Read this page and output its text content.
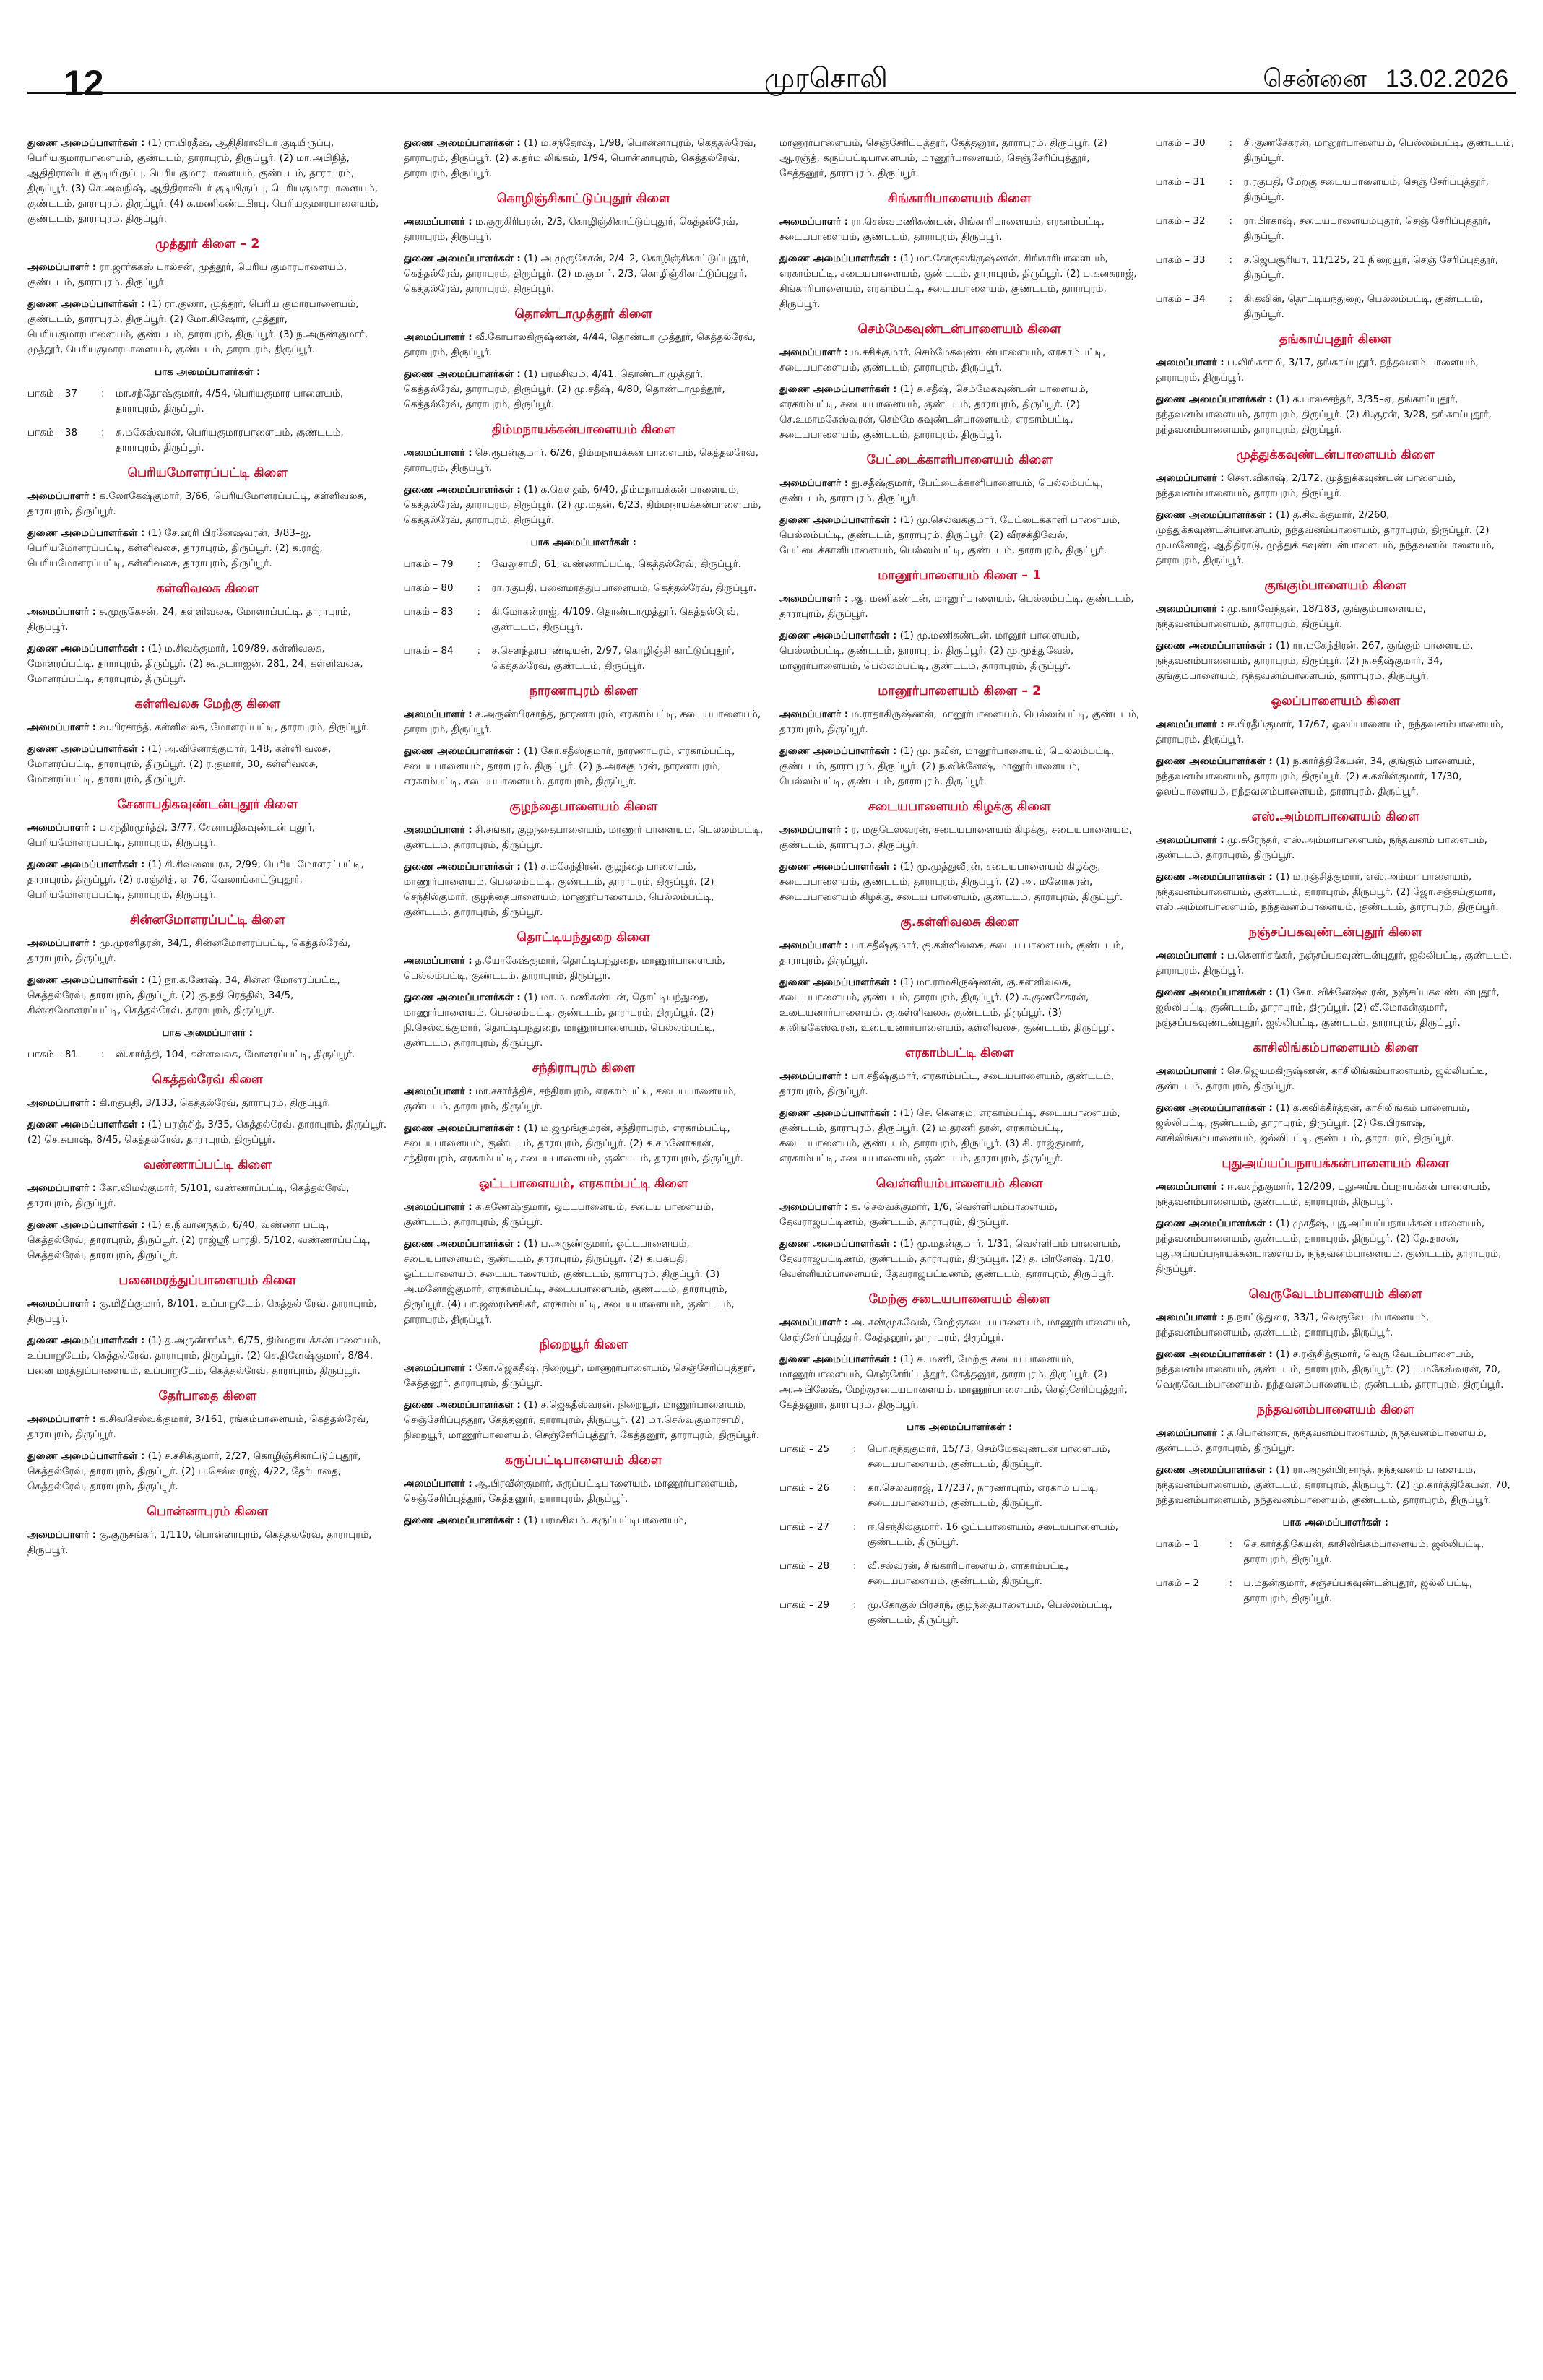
12	முரசொலி	சென்னை 13.02.2026

துணை அமைப்பாளர்கள் : (1) ரா.பிரதீஷ், ஆதிதிராவிடர் குடியிருப்பு, பெரியகுமாரபாளையம், குண்டடம், தாராபுரம், திருப்பூர். (2) மா.அபிநித், ஆதிதிராவிடர் குடியிருப்பு, பெரியகுமாரபாளையம், குண்டடம், தாராபுரம், திருப்பூர். (3) செ.அவநிஷ், ஆதிதிராவிடர் குடியிருப்பு, பெரியகுமாரபாளையம், குண்டடம், தாராபுரம், திருப்பூர். (4) க.மணிகண்டபிரபு, பெரியகுமாரபாளையம், குண்டடம், தாராபுரம், திருப்பூர்.

முத்தூர் கிளை – 2

அமைப்பாளர் : ரா.ஜார்க்கஸ் பால்சன், முத்தூர், பெரிய குமாரபாளையம், குண்டடம், தாராபுரம், திருப்பூர்.

துணை அமைப்பாளர்கள் : (1) ரா.குணா, முத்தூர், பெரிய குமாரபாளையம், குண்டடம், தாராபுரம், திருப்பூர். (2) மோ.கிஷோர், முத்தூர், பெரியகுமாரபாளையம், குண்டடம், தாராபுரம், திருப்பூர். (3) ந.அருண்குமார், முத்தூர், பெரியகுமாரபாளையம், குண்டடம், தாராபுரம், திருப்பூர்.

பாக அமைப்பாளர்கள் :
பாகம் – 37	:	மா.சந்தோஷ்குமார், 4/54, பெரியகுமார பாளையம், தாராபுரம், திருப்பூர்.
பாகம் – 38	:	சு.மகேஸ்வரன், பெரியகுமாரபாளையம், குண்டடம், தாராபுரம், திருப்பூர்.
பெரியமோளரப்பட்டி கிளை

அமைப்பாளர் : க.லோகேஷ்குமார், 3/66, பெரியமோளரப்பட்டி, கள்ளிவலசு, தாராபுரம், திருப்பூர்.

துணை அமைப்பாளர்கள் : (1) சே.ஹரி பிரனேஷ்வரன், 3/83–ஐ, பெரியமோளரப்பட்டி, கள்ளிவலசு, தாராபுரம், திருப்பூர். (2) க.ராஜ், பெரியமோளரப்பட்டி, கள்ளிவலசு, தாராபுரம், திருப்பூர்.

கள்ளிவலசு கிளை

அமைப்பாளர் : ச.முருகேசன், 24, கள்ளிவலசு, மோளரப்பட்டி, தாராபுரம், திருப்பூர்.

துணை அமைப்பாளர்கள் : (1) ம.சிவக்குமார், 109/89, கள்ளிவலசு, மோளரப்பட்டி, தாராபுரம், திருப்பூர். (2) கூ.நடராஜன், 281, 24, கள்ளிவலசு, மோளரப்பட்டி, தாராபுரம், திருப்பூர்.

கள்ளிவலசு மேற்கு கிளை

அமைப்பாளர் : வ.பிரசாந்த், கள்ளிவலசு, மோளரப்பட்டி, தாராபுரம், திருப்பூர்.

துணை அமைப்பாளர்கள் : (1) அ.வினோத்குமார், 148, கள்ளி வலசு, மோளரப்பட்டி, தாராபுரம், திருப்பூர். (2) ர.குமார், 30, கள்ளிவலசு, மோளரப்பட்டி, தாராபுரம், திருப்பூர்.

சேனாபதிகவுண்டன்புதூர் கிளை

அமைப்பாளர் : ப.சந்திரமூர்த்தி, 3/77, சேனாபதிகவுண்டன் புதூர், பெரியமோளரப்பட்டி, தாராபுரம், திருப்பூர்.

துணை அமைப்பாளர்கள் : (1) சி.சிவலையரசு, 2/99, பெரிய மோளரப்பட்டி, தாராபுரம், திருப்பூர். (2) ர.ரஞ்சித், ஏ–76, வேலாங்காட்டுபுதூர், பெரியமோளரப்பட்டி, தாராபுரம், திருப்பூர்.

சின்னமோளரப்பட்டி கிளை

அமைப்பாளர் : மு.முரளிதரன், 34/1, சின்னமோளரப்பட்டி, கெத்தல்ரேவ், தாராபுரம், திருப்பூர்.

துணை அமைப்பாளர்கள் : (1) நா.க.ணேஷ், 34, சின்ன மோளரப்பட்டி, கெத்தல்ரேவ், தாராபுரம், திருப்பூர். (2) கு.நதி ரெத்தில், 34/5, சின்னமோளரப்பட்டி, கெத்தல்ரேவ், தாராபுரம், திருப்பூர்.

பாக அமைப்பாளர் :
பாகம் – 81	:	லி.கார்த்தி, 104, கள்ளவலசு, மோளரப்பட்டி, திருப்பூர்.
கெத்தல்ரேவ் கிளை

அமைப்பாளர் : கி.ரகுபதி, 3/133, கெத்தல்ரேவ், தாராபுரம், திருப்பூர்.

துணை அமைப்பாளர்கள் : (1) பரஞ்சித், 3/35, கெத்தல்ரேவ், தாராபுரம், திருப்பூர். (2) செ.சுபாஷ், 8/45, கெத்தல்ரேவ், தாராபுரம், திருப்பூர்.

வண்ணாப்பட்டி கிளை

அமைப்பாளர் : கோ.விமல்குமார், 5/101, வண்ணாப்பட்டி, கெத்தல்ரேவ், தாராபுரம், திருப்பூர்.

துணை அமைப்பாளர்கள் : (1) க.நிவானந்தம், 6/40, வண்ணா பட்டி, கெத்தல்ரேவ், தாராபுரம், திருப்பூர். (2) ராஜ்ஸ்ரீ பாரதி, 5/102, வண்ணாப்பட்டி, கெத்தல்ரேவ், தாராபுரம், திருப்பூர்.

பனைமரத்துப்பாளையம் கிளை

அமைப்பாளர் : கு.மிதீப்குமார், 8/101, உப்பாறுடேம், கெத்தல் ரேவ், தாராபுரம், திருப்பூர்.

துணை அமைப்பாளர்கள் : (1) த.அருண்சங்கர், 6/75, திம்மநாயக்கன்பாளையம், உப்பாறுடேம், கெத்தல்ரேவ், தாராபுரம், திருப்பூர். (2) செ.தினேஷ்குமார், 8/84, பனை மரத்துப்பாளையம், உப்பாறுடேம், கெத்தல்ரேவ், தாராபுரம், திருப்பூர்.

தேர்பாதை கிளை

அமைப்பாளர் : க.சிவசெல்வக்குமார், 3/161, ரங்கம்பாளையம், கெத்தல்ரேவ், தாராபுரம், திருப்பூர்.

துணை அமைப்பாளர்கள் : (1) ச.சசிக்குமார், 2/27, கொழிஞ்சிகாட்டுப்புதூர், கெத்தல்ரேவ், தாராபுரம், திருப்பூர். (2) ப.செல்வராஜ், 4/22, தேர்பாதை, கெத்தல்ரேவ், தாராபுரம், திருப்பூர்.

பொன்னாபுரம் கிளை

அமைப்பாளர் : கு.குருசங்கர், 1/110, பொன்னாபுரம், கெத்தல்ரேவ், தாராபுரம், திருப்பூர்.

துணை அமைப்பாளர்கள் : (1) ம.சந்தோஷ், 1/98, பொன்னாபுரம், கெத்தல்ரேவ், தாராபுரம், திருப்பூர். (2) க.தர்ம லிங்கம், 1/94, பொன்னாபுரம், கெத்தல்ரேவ், தாராபுரம், திருப்பூர்.

கொழிஞ்சிகாட்டுப்புதூர் கிளை

அமைப்பாளர் : ம.குருகிரிபரன், 2/3, கொழிஞ்சிகாட்டுப்புதூர், கெத்தல்ரேவ், தாராபுரம், திருப்பூர்.

துணை அமைப்பாளர்கள் : (1) அ.முருகேசன், 2/4–2, கொழிஞ்சிகாட்டுப்புதூர், கெத்தல்ரேவ், தாராபுரம், திருப்பூர். (2) ம.குமார், 2/3, கொழிஞ்சிகாட்டுப்புதூர், கெத்தல்ரேவ், தாராபுரம், திருப்பூர்.

தொண்டாமுத்தூர் கிளை

அமைப்பாளர் : வீ.கோபாலகிருஷ்ணன், 4/44, தொண்டா முத்தூர், கெத்தல்ரேவ், தாராபுரம், திருப்பூர்.

துணை அமைப்பாளர்கள் : (1) பரமசிவம், 4/41, தொண்டா முத்தூர், கெத்தல்ரேவ், தாராபுரம், திருப்பூர். (2) மு.சதீஷ், 4/80, தொண்டாமுத்தூர், கெத்தல்ரேவ், தாராபுரம், திருப்பூர்.

திம்மநாயக்கன்பாளையம் கிளை

அமைப்பாளர் : செ.ரூபன்குமார், 6/26, திம்மநாயக்கன் பாளையம், கெத்தல்ரேவ், தாராபுரம், திருப்பூர்.

துணை அமைப்பாளர்கள் : (1) க.கௌதம், 6/40, திம்மநாயக்கன் பாளையம், கெத்தல்ரேவ், தாராபுரம், திருப்பூர். (2) மு.மதன், 6/23, திம்மநாயக்கன்பாளையம், கெத்தல்ரேவ், தாராபுரம், திருப்பூர்.

பாக அமைப்பாளர்கள் :
பாகம் – 79	:	வேலுசாமி, 61, வண்ணாப்பட்டி, கெத்தல்ரேவ், திருப்பூர்.
பாகம் – 80	:	ரா.ரகுபதி, பனைமரத்துப்பாளையம், கெத்தல்ரேவ், திருப்பூர்.
பாகம் – 83	:	கி.மோகன்ராஜ், 4/109, தொண்டாமுத்தூர், கெத்தல்ரேவ், குண்டடம், திருப்பூர்.
பாகம் – 84	:	ச.சௌந்தரபாண்டியன், 2/97, கொழிஞ்சி காட்டுப்புதூர், கெத்தல்ரேவ், குண்டடம், திருப்பூர்.
நாரணாபுரம் கிளை

அமைப்பாளர் : ச.அருண்பிரசாந்த், நாரணாபுரம், எரகாம்பட்டி, சடையபாளையம், தாராபுரம், திருப்பூர்.

துணை அமைப்பாளர்கள் : (1) கோ.சதீஸ்குமார், நாரணாபுரம், எரகாம்பட்டி, சடையபாளையம், தாராபுரம், திருப்பூர். (2) ந.அரசகுமரன், நாரணாபுரம், எரகாம்பட்டி, சடையபாளையம், தாராபுரம், திருப்பூர்.

குழந்தைபாளையம் கிளை

அமைப்பாளர் : சி.சங்கர், குழந்தைபாளையம், மாணூர் பாளையம், பெல்லம்பட்டி, குண்டடம், தாராபுரம், திருப்பூர்.

துணை அமைப்பாளர்கள் : (1) ச.மகேந்திரன், குழந்தை பாளையம், மாணூர்பாளையம், பெல்லம்பட்டி, குண்டடம், தாராபுரம், திருப்பூர். (2) செந்தில்குமார், குழந்தைபாளையம், மாணூர்பாளையம், பெல்லம்பட்டி, குண்டடம், தாராபுரம், திருப்பூர்.

தொட்டியந்துறை கிளை

அமைப்பாளர் : த.யோகேஷ்குமார், தொட்டியந்துறை, மாணூர்பாளையம், பெல்லம்பட்டி, குண்டடம், தாராபுரம், திருப்பூர்.

துணை அமைப்பாளர்கள் : (1) மா.ம.மணிகண்டன், தொட்டியந்துறை, மாணூர்பாளையம், பெல்லம்பட்டி, குண்டடம், தாராபுரம், திருப்பூர். (2) நி.செல்வக்குமார், தொட்டியந்துறை, மாணூர்பாளையம், பெல்லம்பட்டி, குண்டடம், தாராபுரம், திருப்பூர்.

சந்திராபுரம் கிளை

அமைப்பாளர் : மா.சசார்த்திக், சந்திராபுரம், எரகாம்பட்டி, சடையபாளையம், குண்டடம், தாராபுரம், திருப்பூர்.

துணை அமைப்பாளர்கள் : (1) ம.ஜமுங்குமரன், சந்திராபுரம், எரகாம்பட்டி, சடையபாளையம், குண்டடம், தாராபுரம், திருப்பூர். (2) க.சமனோகரன், சந்திராபுரம், எரகாம்பட்டி, சடையபாளையம், குண்டடம், தாராபுரம், திருப்பூர்.

ஓட்டபாளையம், எரகாம்பட்டி கிளை

அமைப்பாளர் : க.கணேஷ்குமார், ஒட்டபாளையம், சடைய பாளையம், குண்டடம், தாராபுரம், திருப்பூர்.

துணை அமைப்பாளர்கள் : (1) ப.அருண்குமார், ஓட்டபாளையம், சடையபாளையம், குண்டடம், தாராபுரம், திருப்பூர். (2) க.பசுபதி, ஓட்டபாளையம், சடையபாளையம், குண்டடம், தாராபுரம், திருப்பூர். (3) அ.மனோஜ்குமார், எரகாம்பட்டி, சடையபாளையம், குண்டடம், தாராபுரம், திருப்பூர். (4) பா.ஜஸ்ரம்சங்கர், எரகாம்பட்டி, சடையபாளையம், குண்டடம், தாராபுரம், திருப்பூர்.

நிறையூர் கிளை

அமைப்பாளர் : கோ.ஜெகதீஷ், நிறையூர், மாணூர்பாளையம், செஞ்சேரிப்புத்தூர், கேத்தனூர், தாராபுரம், திருப்பூர்.

துணை அமைப்பாளர்கள் : (1) ச.ஜெகதீஸ்வரன், நிறையூர், மாணூர்பாளையம், செஞ்சேரிப்புத்தூர், கேத்தனூர், தாராபுரம், திருப்பூர். (2) மா.செல்வகுமாரசாமி, நிறையூர், மாணூர்பாளையம், செஞ்சேரிப்புத்தூர், கேத்தனூர், தாராபுரம், திருப்பூர்.

கருப்பட்டிபாளையம் கிளை

அமைப்பாளர் : ஆ.பிரவீன்குமார், கருப்பட்டிபாளையம், மாணூர்பாளையம், செஞ்சேரிப்புத்தூர், கேத்தனூர், தாராபுரம், திருப்பூர்.

துணை அமைப்பாளர்கள் : (1) பரமசிவம், கருப்பட்டிபாளையம்,

மாணூர்பாளையம், செஞ்சேரிப்புத்தூர், கேத்தனூர், தாராபுரம், திருப்பூர். (2) ஆ.ரஞ்த், கருப்பட்டிபாளையம், மாணூர்பாளையம், செஞ்சேரிப்புத்தூர், கேத்தனூர், தாராபுரம், திருப்பூர்.

சிங்காரிபாளையம் கிளை

அமைப்பாளர் : ரா.செல்வமணிகண்டன், சிங்காரிபாளையம், எரகாம்பட்டி, சடையபாளையம், குண்டடம், தாராபுரம், திருப்பூர்.

துணை அமைப்பாளர்கள் : (1) மா.கோகுலகிருஷ்ணன், சிங்காரிபாளையம், எரகாம்பட்டி, சடையபாளையம், குண்டடம், தாராபுரம், திருப்பூர். (2) ப.கனகராஜ், சிங்காரிபாளையம், எரகாம்பட்டி, சடையபாளையம், குண்டடம், தாராபுரம், திருப்பூர்.

செம்மேகவுண்டன்பாளையம் கிளை

அமைப்பாளர் : ம.சசிக்குமார், செம்மேகவுண்டன்பாளையம், எரகாம்பட்டி, சடையபாளையம், குண்டடம், தாராபுரம், திருப்பூர்.

துணை அமைப்பாளர்கள் : (1) சு.சதீஷ், செம்மேகவுண்டன் பாளையம், எரகாம்பட்டி, சடையபாளையம், குண்டடம், தாராபுரம், திருப்பூர். (2) செ.உமாமகேஸ்வரன், செம்மே கவுண்டன்பாளையம், எரகாம்பட்டி, சடையபாளையம், குண்டடம், தாராபுரம், திருப்பூர்.

பேட்டைக்காளிபாளையம் கிளை

அமைப்பாளர் : து.சதீஷ்குமார், பேட்டைக்காளிபாளையம், பெல்லம்பட்டி, குண்டடம், தாராபுரம், திருப்பூர்.

துணை அமைப்பாளர்கள் : (1) மு.செல்வக்குமார், பேட்டைக்காளி பாளையம், பெல்லம்பட்டி, குண்டடம், தாராபுரம், திருப்பூர். (2) வீரசக்திவேல், பேட்டைக்காளிபாளையம், பெல்லம்பட்டி, குண்டடம், தாராபுரம், திருப்பூர்.

மானூர்பாளையம் கிளை – 1

அமைப்பாளர் : ஆ. மணிகண்டன், மானூர்பாளையம், பெல்லம்பட்டி, குண்டடம், தாராபுரம், திருப்பூர்.

துணை அமைப்பாளர்கள் : (1) மு.மணிகண்டன், மானூர் பாளையம், பெல்லம்பட்டி, குண்டடம், தாராபுரம், திருப்பூர். (2) மு.முத்துவேல், மானூர்பாளையம், பெல்லம்பட்டி, குண்டடம், தாராபுரம், திருப்பூர்.

மானூர்பாளையம் கிளை – 2

அமைப்பாளர் : ம.ராதாகிருஷ்ணன், மானூர்பாளையம், பெல்லம்பட்டி, குண்டடம், தாராபுரம், திருப்பூர்.

துணை அமைப்பாளர்கள் : (1) மு. நவீன், மானூர்பாளையம், பெல்லம்பட்டி, குண்டடம், தாராபுரம், திருப்பூர். (2) ந.விக்னேஷ், மானூர்பாளையம், பெல்லம்பட்டி, குண்டடம், தாராபுரம், திருப்பூர்.

சடையபாளையம் கிழக்கு கிளை

அமைப்பாளர் : ர. மகுடேஸ்வரன், சடையபாளையம் கிழக்கு, சடையபாளையம், குண்டடம், தாராபுரம், திருப்பூர்.

துணை அமைப்பாளர்கள் : (1) மு.முத்துவீரன், சடையபாளையம் கிழக்கு, சடையபாளையம், குண்டடம், தாராபுரம், திருப்பூர். (2) அ. மனோகரன், சடையபாளையம் கிழக்கு, சடைய பாளையம், குண்டடம், தாராபுரம், திருப்பூர்.

கு.கள்ளிவலசு கிளை

அமைப்பாளர் : பா.சதீஷ்குமார், கு.கள்ளிவலசு, சடைய பாளையம், குண்டடம், தாராபுரம், திருப்பூர்.

துணை அமைப்பாளர்கள் : (1) மா.ராமகிருஷ்ணன், கு.கள்ளிவலசு, சடையபாளையம், குண்டடம், தாராபுரம், திருப்பூர். (2) க.குணசேகரன், உடையனார்பாளையம், கு.கள்ளிவலசு, குண்டடம், திருப்பூர். (3) க.லிங்கேஸ்வரன், உடையனார்பாளையம், கள்ளிவலசு, குண்டடம், திருப்பூர்.

எரகாம்பட்டி கிளை

அமைப்பாளர் : பா.சதீஷ்குமார், எரகாம்பட்டி, சடையபாளையம், குண்டடம், தாராபுரம், திருப்பூர்.

துணை அமைப்பாளர்கள் : (1) செ. கௌதம், எரகாம்பட்டி, சடையபாளையம், குண்டடம், தாராபுரம், திருப்பூர். (2) ம.தரணி தரன், எரகாம்பட்டி, சடையபாளையம், குண்டடம், தாராபுரம், திருப்பூர். (3) சி. ராஜ்குமார், எரகாம்பட்டி, சடையபாளையம், குண்டடம், தாராபுரம், திருப்பூர்.

வெள்ளியம்பாளையம் கிளை

அமைப்பாளர் : க. செல்வக்குமார், 1/6, வெள்ளியம்பாளையம், தேவராஜபட்டிணம், குண்டடம், தாராபுரம், திருப்பூர்.

துணை அமைப்பாளர்கள் : (1) மு.மதன்குமார், 1/31, வெள்ளியம் பாளையம், தேவராஜபட்டிணம், குண்டடம், தாராபுரம், திருப்பூர். (2) த. பிரனேஷ், 1/10, வெள்ளியம்பாளையம், தேவராஜபட்டிணம், குண்டடம், தாராபுரம், திருப்பூர்.

மேற்கு சடையபாளையம் கிளை

அமைப்பாளர் : அ. சண்முகவேல், மேற்குசடையபாளையம், மாணூர்பாளையம், செஞ்சேரிப்புத்தூர், கேத்தனூர், தாராபுரம், திருப்பூர்.

துணை அமைப்பாளர்கள் : (1) சு. மணி, மேற்கு சடைய பாளையம், மாணூர்பாளையம், செஞ்சேரிப்புத்தூர், கேத்தனூர், தாராபுரம், திருப்பூர். (2) அ.அபிலேஷ், மேற்குசடையபாளையம், மாணூர்பாளையம், செஞ்சேரிப்புத்தூர், கேத்தனூர், தாராபுரம், திருப்பூர்.

பாக அமைப்பாளர்கள் :
பாகம் – 25	:	பொ.நந்தகுமார், 15/73, செம்மேகவுண்டன் பாளையம், சடையபாளையம், குண்டடம், திருப்பூர்.
பாகம் – 26	:	கா.செல்வராஜ், 17/237, நாரணாபுரம், எரகாம் பட்டி, சடையபாளையம், குண்டடம், திருப்பூர்.
பாகம் – 27	:	ஈ.செந்தில்குமார், 16 ஓட்டபாளையம், சடையபாளையம், குண்டடம், திருப்பூர்.
பாகம் – 28	:	வீ.சல்வரன், சிங்காரிபாளையம், எரகாம்பட்டி, சடையபாளையம், குண்டடம், திருப்பூர்.
பாகம் – 29	:	மு.கோகுல் பிரசாந், குழந்தைபாளையம், பெல்லம்பட்டி, குண்டடம், திருப்பூர்.
பாகம் – 30	:	சி.குணசேகரன், மானூர்பாளையம், பெல்லம்பட்டி, குண்டடம், திருப்பூர்.
பாகம் – 31	:	ர.ரகுபதி, மேற்கு சடையபாளையம், செஞ் சேரிப்புத்தூர், திருப்பூர்.
பாகம் – 32	:	ரா.பிரகாஷ், சடையபாளையம்புதூர், செஞ் சேரிப்புத்தூர், திருப்பூர்.
பாகம் – 33	:	ச.ஜெயசூரியா, 11/125, 21 நிறையூர், செஞ் சேரிப்புத்தூர், திருப்பூர்.
பாகம் – 34	:	கி.கவின், தொட்டியந்துறை, பெல்லம்பட்டி, குண்டடம், திருப்பூர்.
தங்காய்புதூர் கிளை

அமைப்பாளர் : ப.லிங்கசாமி, 3/17, தங்காய்புதூர், நந்தவனம் பாளையம், தாராபுரம், திருப்பூர்.

துணை அமைப்பாளர்கள் : (1) க.பாலசசந்தர், 3/35–ஏ, தங்காய்புதூர், நந்தவனம்பாளையம், தாராபுரம், திருப்பூர். (2) சி.சூரன், 3/28, தங்காய்புதூர், நந்தவனம்பாளையம், தாராபுரம், திருப்பூர்.

முத்துக்கவுண்டன்பாளையம் கிளை

அமைப்பாளர் : சௌ.விகாஷ், 2/172, முத்துக்கவுண்டன் பாளையம், நந்தவனம்பாளையம், தாராபுரம், திருப்பூர்.

துணை அமைப்பாளர்கள் : (1) த.சிவக்குமார், 2/260, முத்துக்கவுண்டன்பாளையம், நந்தவனம்பாளையம், தாராபுரம், திருப்பூர். (2) மு.மனோஜ், ஆதிதிராடு, முத்துக் கவுண்டன்பாளையம், நந்தவனம்பாளையம், தாராபுரம், திருப்பூர்.

குங்கும்பாளையம் கிளை

அமைப்பாளர் : மு.கார்வேந்தன், 18/183, குங்கும்பாளையம், நந்தவனம்பாளையம், தாராபுரம், திருப்பூர்.

துணை அமைப்பாளர்கள் : (1) ரா.மகேந்திரன், 267, குங்கும் பாளையம், நந்தவனம்பாளையம், தாராபுரம், திருப்பூர். (2) ந.சதீஷ்குமார், 34, குங்கும்பாளையம், நந்தவனம்பாளையம், தாராபுரம், திருப்பூர்.

ஓலப்பாளையம் கிளை

அமைப்பாளர் : ஈ.பிரதீப்குமார், 17/67, ஓலப்பாளையம், நந்தவனம்பாளையம், தாராபுரம், திருப்பூர்.

துணை அமைப்பாளர்கள் : (1) ந.கார்த்திகேயன், 34, குங்கும் பாளையம், நந்தவனம்பாளையம், தாராபுரம், திருப்பூர். (2) ச.கவின்குமார், 17/30, ஓலப்பாளையம், நந்தவனம்பாளையம், தாராபுரம், திருப்பூர்.

எஸ்.அம்மாபாளையம் கிளை

அமைப்பாளர் : மு.சுரேந்தர், எஸ்.அம்மாபாளையம், நந்தவனம் பாளையம், குண்டடம், தாராபுரம், திருப்பூர்.

துணை அமைப்பாளர்கள் : (1) ம.ரஞ்சித்குமார், எஸ்.அம்மா பாளையம், நந்தவனம்பாளையம், குண்டடம், தாராபுரம், திருப்பூர். (2) ஜோ.சஞ்சய்குமார், எஸ்.அம்மாபாளையம், நந்தவனம்பாளையம், குண்டடம், தாராபுரம், திருப்பூர்.

நஞ்சப்பகவுண்டன்புதூர் கிளை

அமைப்பாளர் : ப.கௌரிசங்கர், நஞ்சப்பகவுண்டன்புதூர், ஜல்லிபட்டி, குண்டடம், தாராபுரம், திருப்பூர்.

துணை அமைப்பாளர்கள் : (1) கோ. விக்னேஷ்வரன், நஞ்சப்பகவுண்டன்புதூர், ஜல்லிபட்டி, குண்டடம், தாராபுரம், திருப்பூர். (2) வீ.மோகன்குமார், நஞ்சப்பகவுண்டன்புதூர், ஜல்லிபட்டி, குண்டடம், தாராபுரம், திருப்பூர்.

காசிலிங்கம்பாளையம் கிளை

அமைப்பாளர் : செ.ஜெயமகிருஷ்ணன், காசிலிங்கம்பாளையம், ஜல்லிபட்டி, குண்டடம், தாராபுரம், திருப்பூர்.

துணை அமைப்பாளர்கள் : (1) க.கவிக்கீர்த்தன், காசிலிங்கம் பாளையம், ஜல்லிபட்டி, குண்டடம், தாராபுரம், திருப்பூர். (2) கே.பிரகாஷ், காசிலிங்கம்பாளையம், ஜல்லிபட்டி, குண்டடம், தாராபுரம், திருப்பூர்.

புதுஅய்யப்பநாயக்கன்பாளையம் கிளை

அமைப்பாளர் : ஈ.வசந்தகுமார், 12/209, புதுஅய்யப்பநாயக்கன் பாளையம், நந்தவனம்பாளையம், குண்டடம், தாராபுரம், திருப்பூர்.

துணை அமைப்பாளர்கள் : (1) முசதீஷ், புதுஅய்யப்பநாயக்கன் பாளையம், நந்தவனம்பாளையம், குண்டடம், தாராபுரம், திருப்பூர். (2) தே.தரசன், புதுஅய்யப்பநாயக்கன்பாளையம், நந்தவனம்பாளையம், குண்டடம், தாராபுரம், திருப்பூர்.

வெருவேடம்பாளையம் கிளை

அமைப்பாளர் : ந.நாட்டுதுரை, 33/1, வெருவேடம்பாளையம், நந்தவனம்பாளையம், குண்டடம், தாராபுரம், திருப்பூர்.

துணை அமைப்பாளர்கள் : (1) ச.ரஞ்சித்குமார், வெரு வேடம்பாளையம், நந்தவனம்பாளையம், குண்டடம், தாராபுரம், திருப்பூர். (2) ப.மகேஸ்வரன், 70, வெருவேடம்பாளையம், நந்தவனம்பாளையம், குண்டடம், தாராபுரம், திருப்பூர்.

நந்தவனம்பாளையம் கிளை

அமைப்பாளர் : த.பொன்னரசு, நந்தவனம்பாளையம், நந்தவனம்பாளையம், குண்டடம், தாராபுரம், திருப்பூர்.

துணை அமைப்பாளர்கள் : (1) ரா.அருள்பிரசாந்த், நந்தவனம் பாளையம், நந்தவனம்பாளையம், குண்டடம், தாராபுரம், திருப்பூர். (2) மு.கார்த்திகேயன், 70, நந்தவனம்பாளையம், நந்தவனம்பாளையம், குண்டடம், தாராபுரம், திருப்பூர்.

பாக அமைப்பாளர்கள் :
பாகம் – 1	:	செ.கார்த்திகேயன், காசிலிங்கம்பாளையம், ஜல்லிபட்டி, தாராபுரம், திருப்பூர்.
பாகம் – 2	:	ப.மதன்குமார், சஞ்சப்பகவுண்டன்புதூர், ஜல்லிபட்டி, தாராபுரம், திருப்பூர்.
